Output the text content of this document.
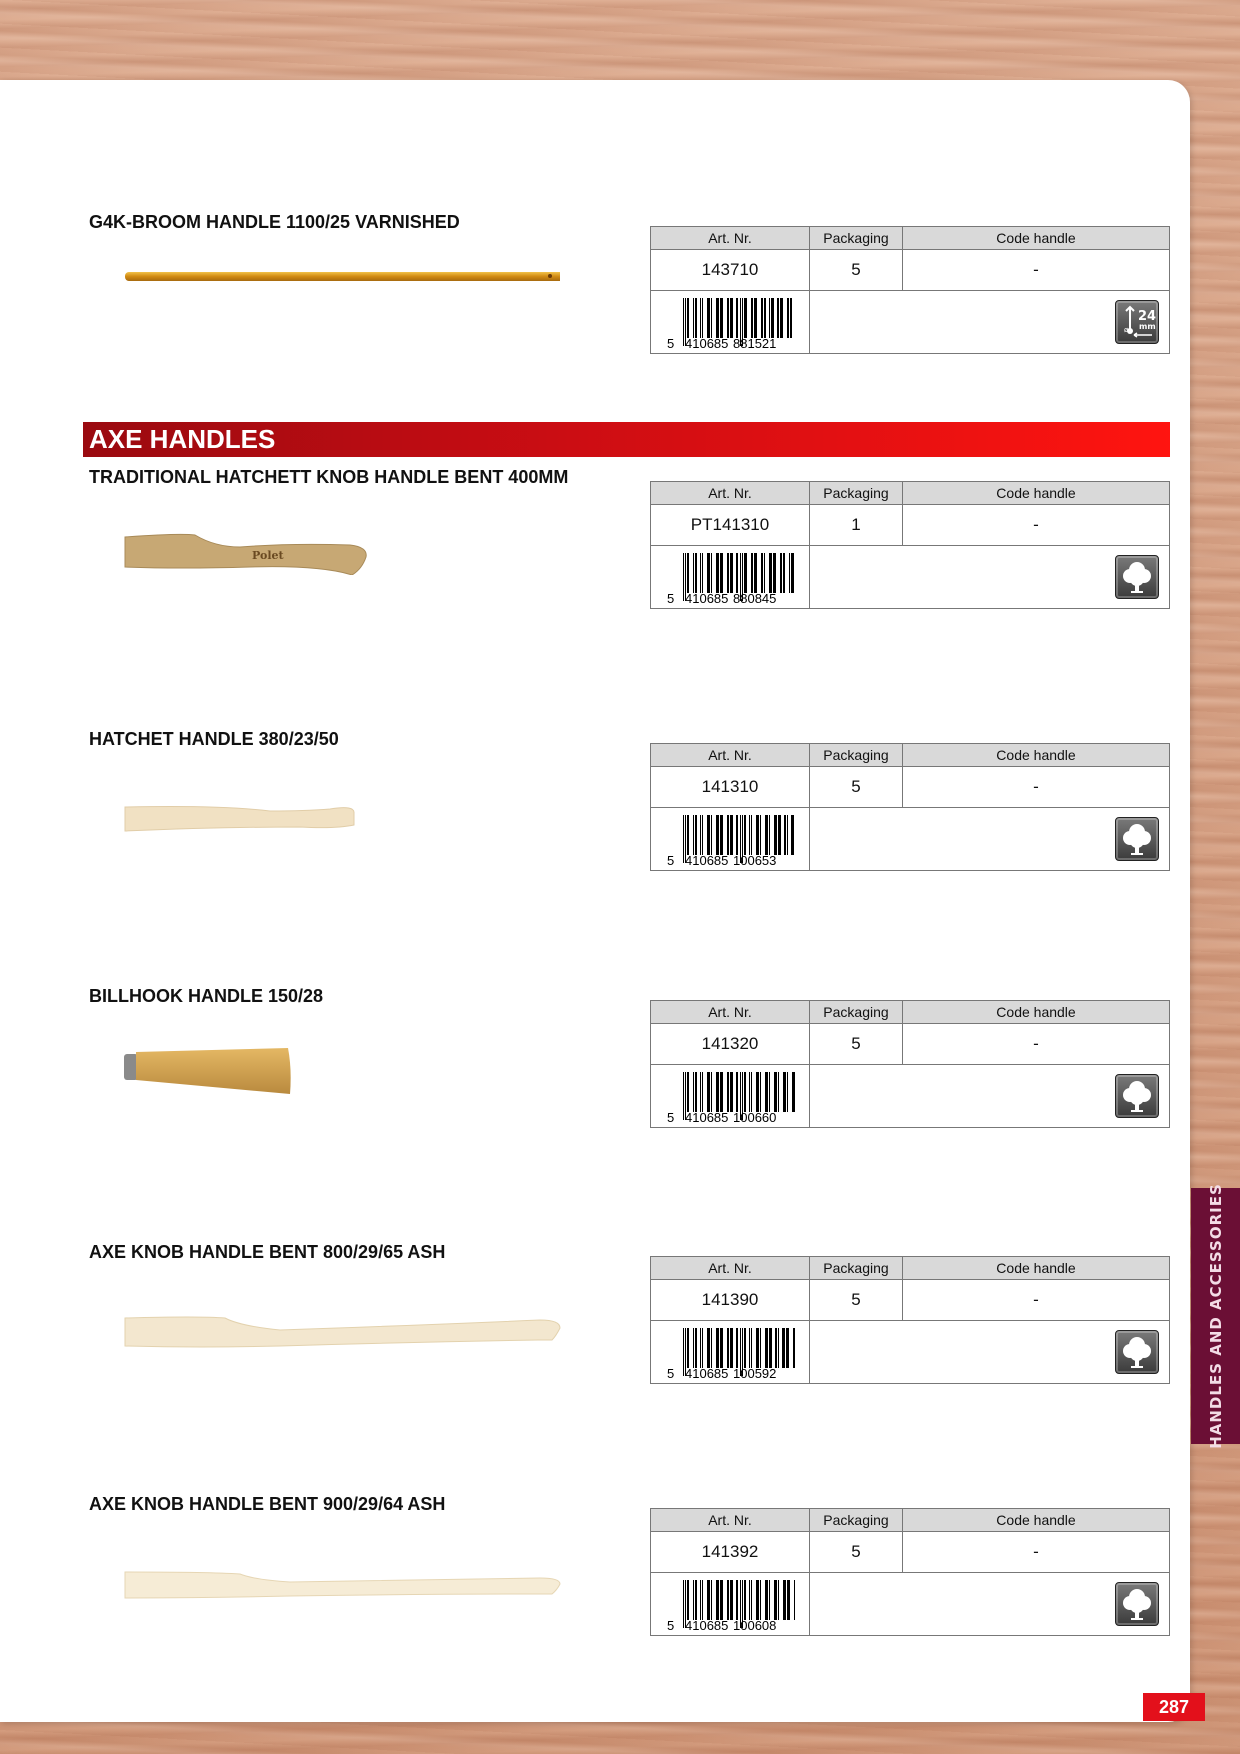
AXE HANDLES
G4K-BROOM HANDLE 1100/25 VARNISHED
Art. Nr.	Packaging	Code handle
143710	5	-

5 410685 881521	ø
24
mm	
TRADITIONAL HATCHETT KNOB HANDLE BENT 400MM
Polet
Art. Nr.	Packaging	Code handle
PT141310	1	-

5 410685 880845

HATCHET HANDLE 380/23/50
Art. Nr.	Packaging	Code handle
141310	5	-

5 410685 100653

BILLHOOK HANDLE 150/28
Art. Nr.	Packaging	Code handle
141320	5	-

5 410685 100660

AXE KNOB HANDLE BENT 800/29/65 ASH
Art. Nr.	Packaging	Code handle
141390	5	-

5 410685 100592

AXE KNOB HANDLE BENT 900/29/64 ASH
Art. Nr.	Packaging	Code handle
141392	5	-

5 410685 100608

HANDLES AND ACCESSORIES
287
